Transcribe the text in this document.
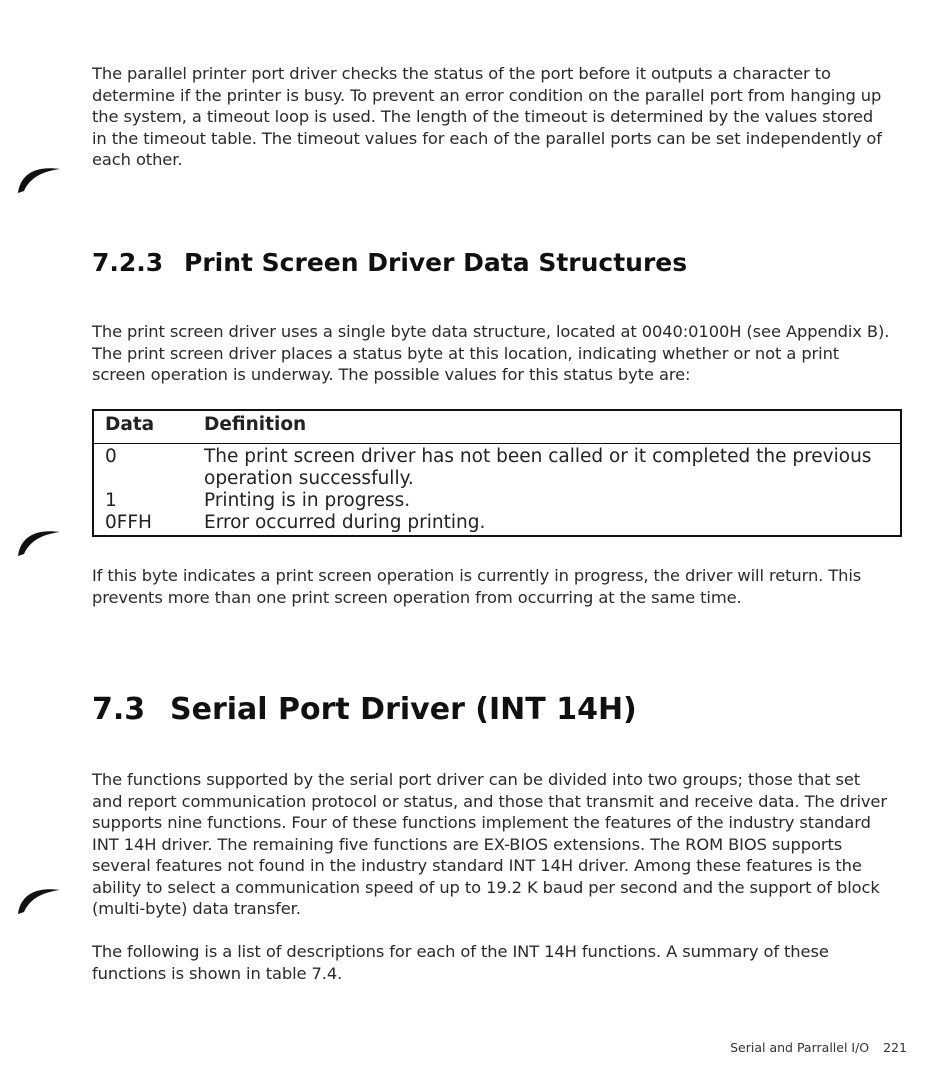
The parallel printer port driver checks the status of the port before it outputs a character to determine if the printer is busy. To prevent an error condition on the parallel port from hanging up the system, a timeout loop is used. The length of the timeout is determined by the values stored in the timeout table. The timeout values for each of the parallel ports can be set independently of each other.

7.2.3 Print Screen Driver Data Structures

The print screen driver uses a single byte data structure, located at 0040:0100H (see Appendix B). The print screen driver places a status byte at this location, indicating whether or not a print screen operation is underway. The possible values for this status byte are:

Data	Definition
0	The print screen driver has not been called or it completed the previous operation successfully.
1	Printing is in progress.
0FFH	Error occurred during printing.

If this byte indicates a print screen operation is currently in progress, the driver will return. This prevents more than one print screen operation from occurring at the same time.

7.3 Serial Port Driver (INT 14H)

The functions supported by the serial port driver can be divided into two groups; those that set and report communication protocol or status, and those that transmit and receive data. The driver supports nine functions. Four of these functions implement the features of the industry standard INT 14H driver. The remaining five functions are EX-BIOS extensions. The ROM BIOS supports several features not found in the industry standard INT 14H driver. Among these features is the ability to select a communication speed of up to 19.2 K baud per second and the support of block (multi-byte) data transfer.

The following is a list of descriptions for each of the INT 14H functions. A summary of these functions is shown in table 7.4.

Serial and Parrallel I/O 221
